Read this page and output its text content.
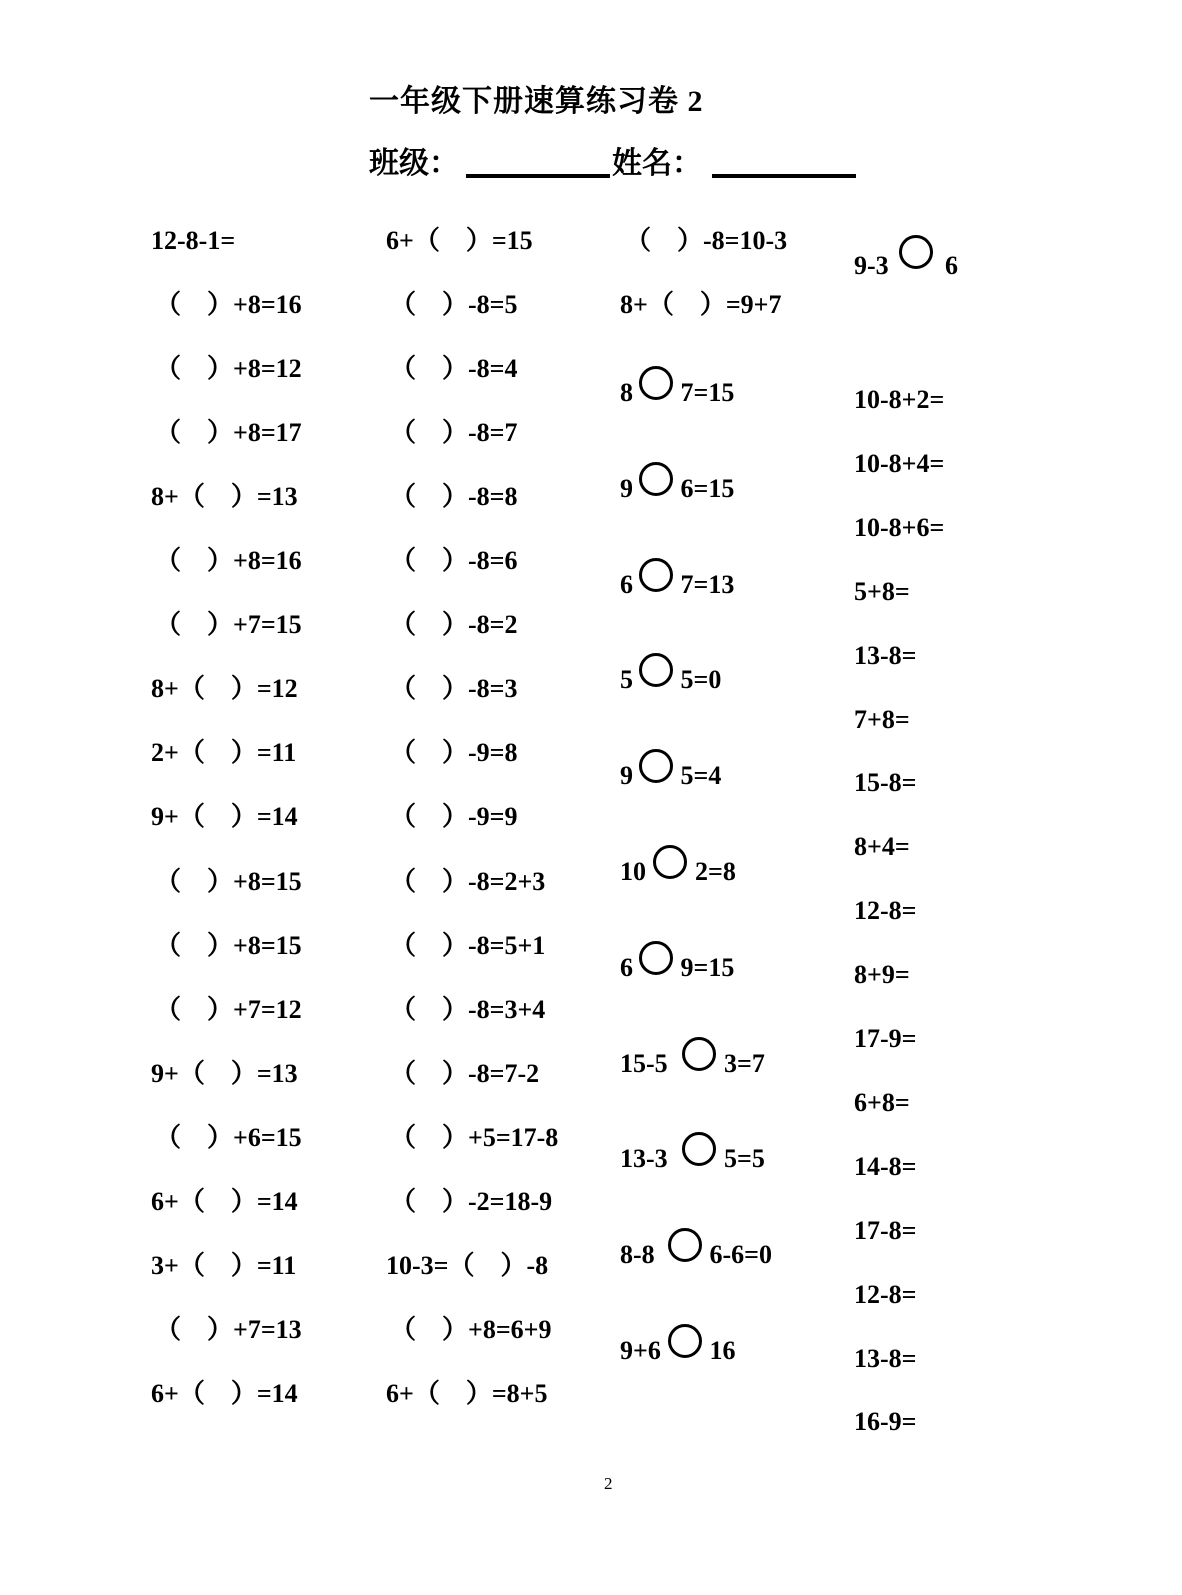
一年级下册速算练习卷 2
班级：	姓名：
12-8-1=
（　）+8=16
（　）+8=12
（　）+8=17
8+（　）=13
（　）+8=16
（　）+7=15
8+（　）=12
2+（　）=11
9+（　）=14
（　）+8=15
（　）+8=15
（　）+7=12
9+（　）=13
（　）+6=15
6+（　）=14
3+（　）=11
（　）+7=13
6+（　）=14
6+（　）=15
（　）-8=5
（　）-8=4
（　）-8=7
（　）-8=8
（　）-8=6
（　）-8=2
（　）-8=3
（　）-9=8
（　）-9=9
（　）-8=2+3
（　）-8=5+1
（　）-8=3+4
（　）-8=7-2
（　）+5=17-8
（　）-2=18-9
10-3=（　）-8
（　）+8=6+9
6+（　）=8+5
（　）-8=10-3
8+（　）=9+7
8 7=15
9 6=15
6 7=13
5 5=0
9 5=4
10 2=8
6 9=15
15-5 3=7
13-3 5=5
8-8 6-6=0
9+6 16
9-3 6
10-8+2=
10-8+4=
10-8+6=
5+8=
13-8=
7+8=
15-8=
8+4=
12-8=
8+9=
17-9=
6+8=
14-8=
17-8=
12-8=
13-8=
16-9=
2
